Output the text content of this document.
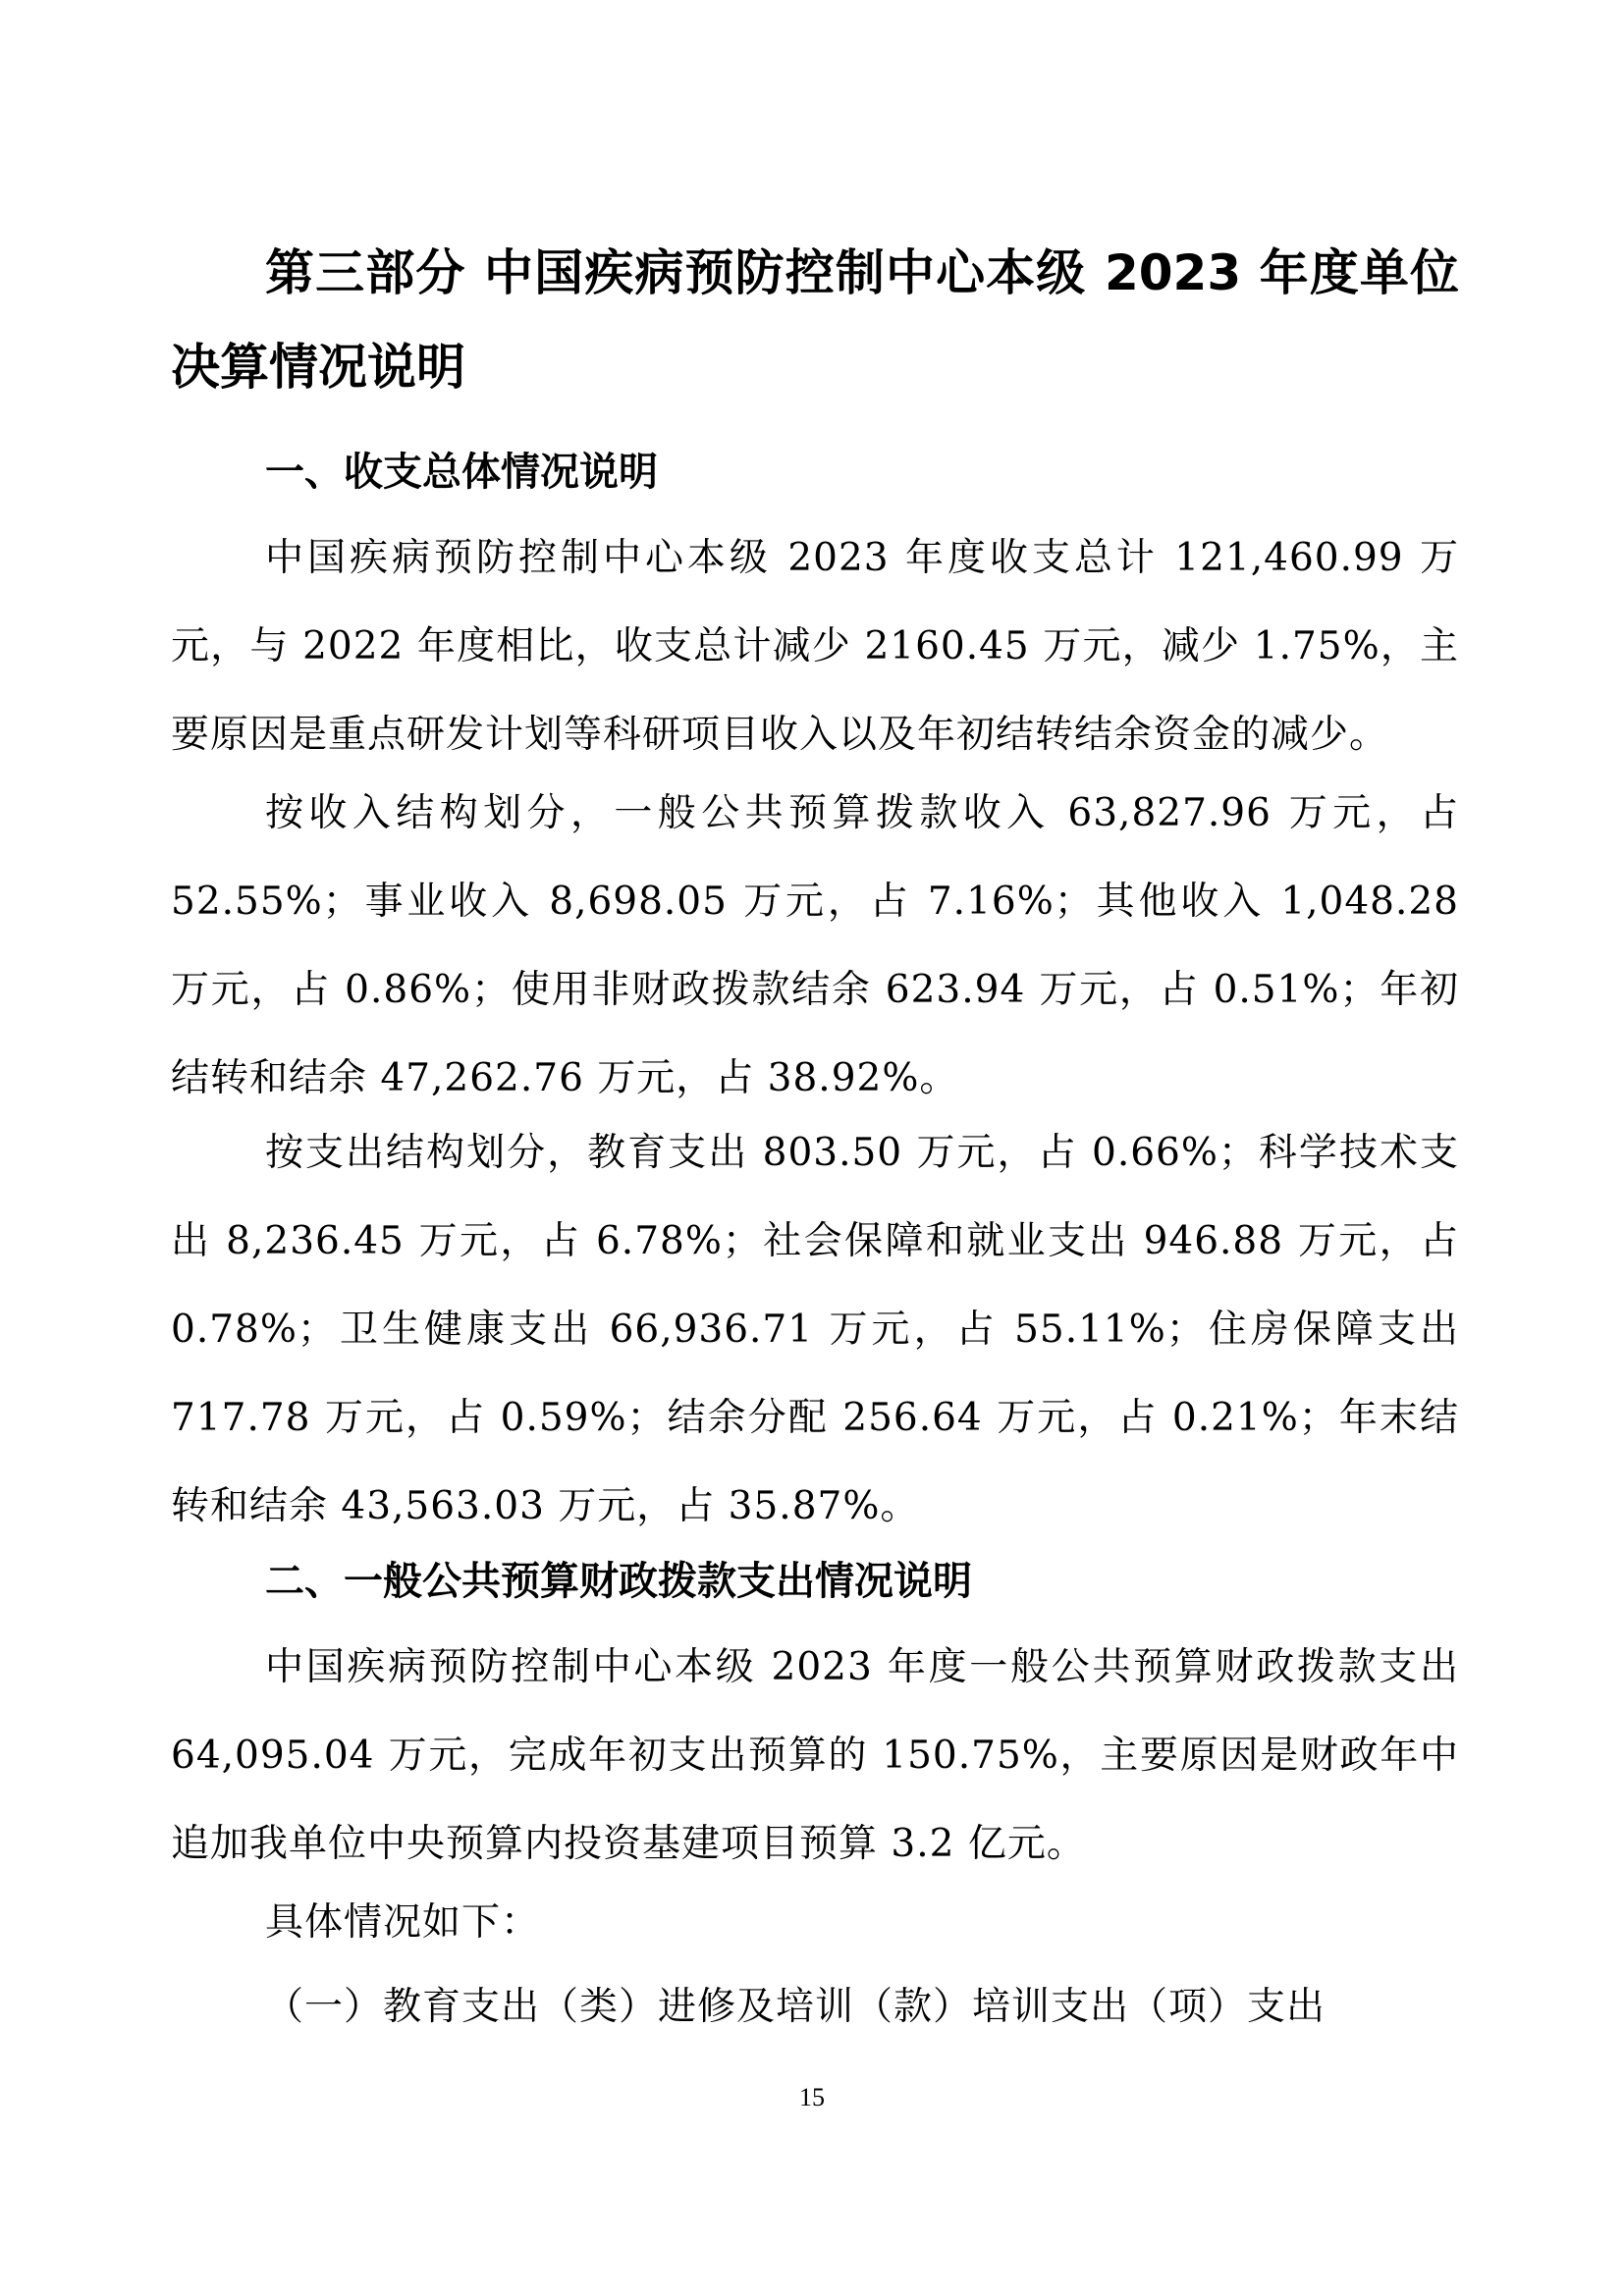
第三部分 中国疾病预防控制中心本级 2023 年度单位决算情况说明
一、收支总体情况说明

中国疾病预防控制中心本级 2023 年度收支总计 121,460.99 万元，与 2022 年度相比，收支总计减少 2160.45 万元，减少 1.75%，主要原因是重点研发计划等科研项目收入以及年初结转结余资金的减少。

按收入结构划分，一般公共预算拨款收入 63,827.96 万元，占 52.55%；事业收入 8,698.05 万元，占 7.16%；其他收入 1,048.28 万元，占 0.86%；使用非财政拨款结余 623.94 万元，占 0.51%；年初结转和结余 47,262.76 万元，占 38.92%。

按支出结构划分，教育支出 803.50 万元，占 0.66%；科学技术支出 8,236.45 万元，占 6.78%；社会保障和就业支出 946.88 万元，占 0.78%；卫生健康支出 66,936.71 万元，占 55.11%；住房保障支出 717.78 万元，占 0.59%；结余分配 256.64 万元，占 0.21%；年末结转和结余 43,563.03 万元，占 35.87%。

二、一般公共预算财政拨款支出情况说明

中国疾病预防控制中心本级 2023 年度一般公共预算财政拨款支出 64,095.04 万元，完成年初支出预算的 150.75%，主要原因是财政年中追加我单位中央预算内投资基建项目预算 3.2 亿元。

具体情况如下：

（一）教育支出（类）进修及培训（款）培训支出（项）支出

15
